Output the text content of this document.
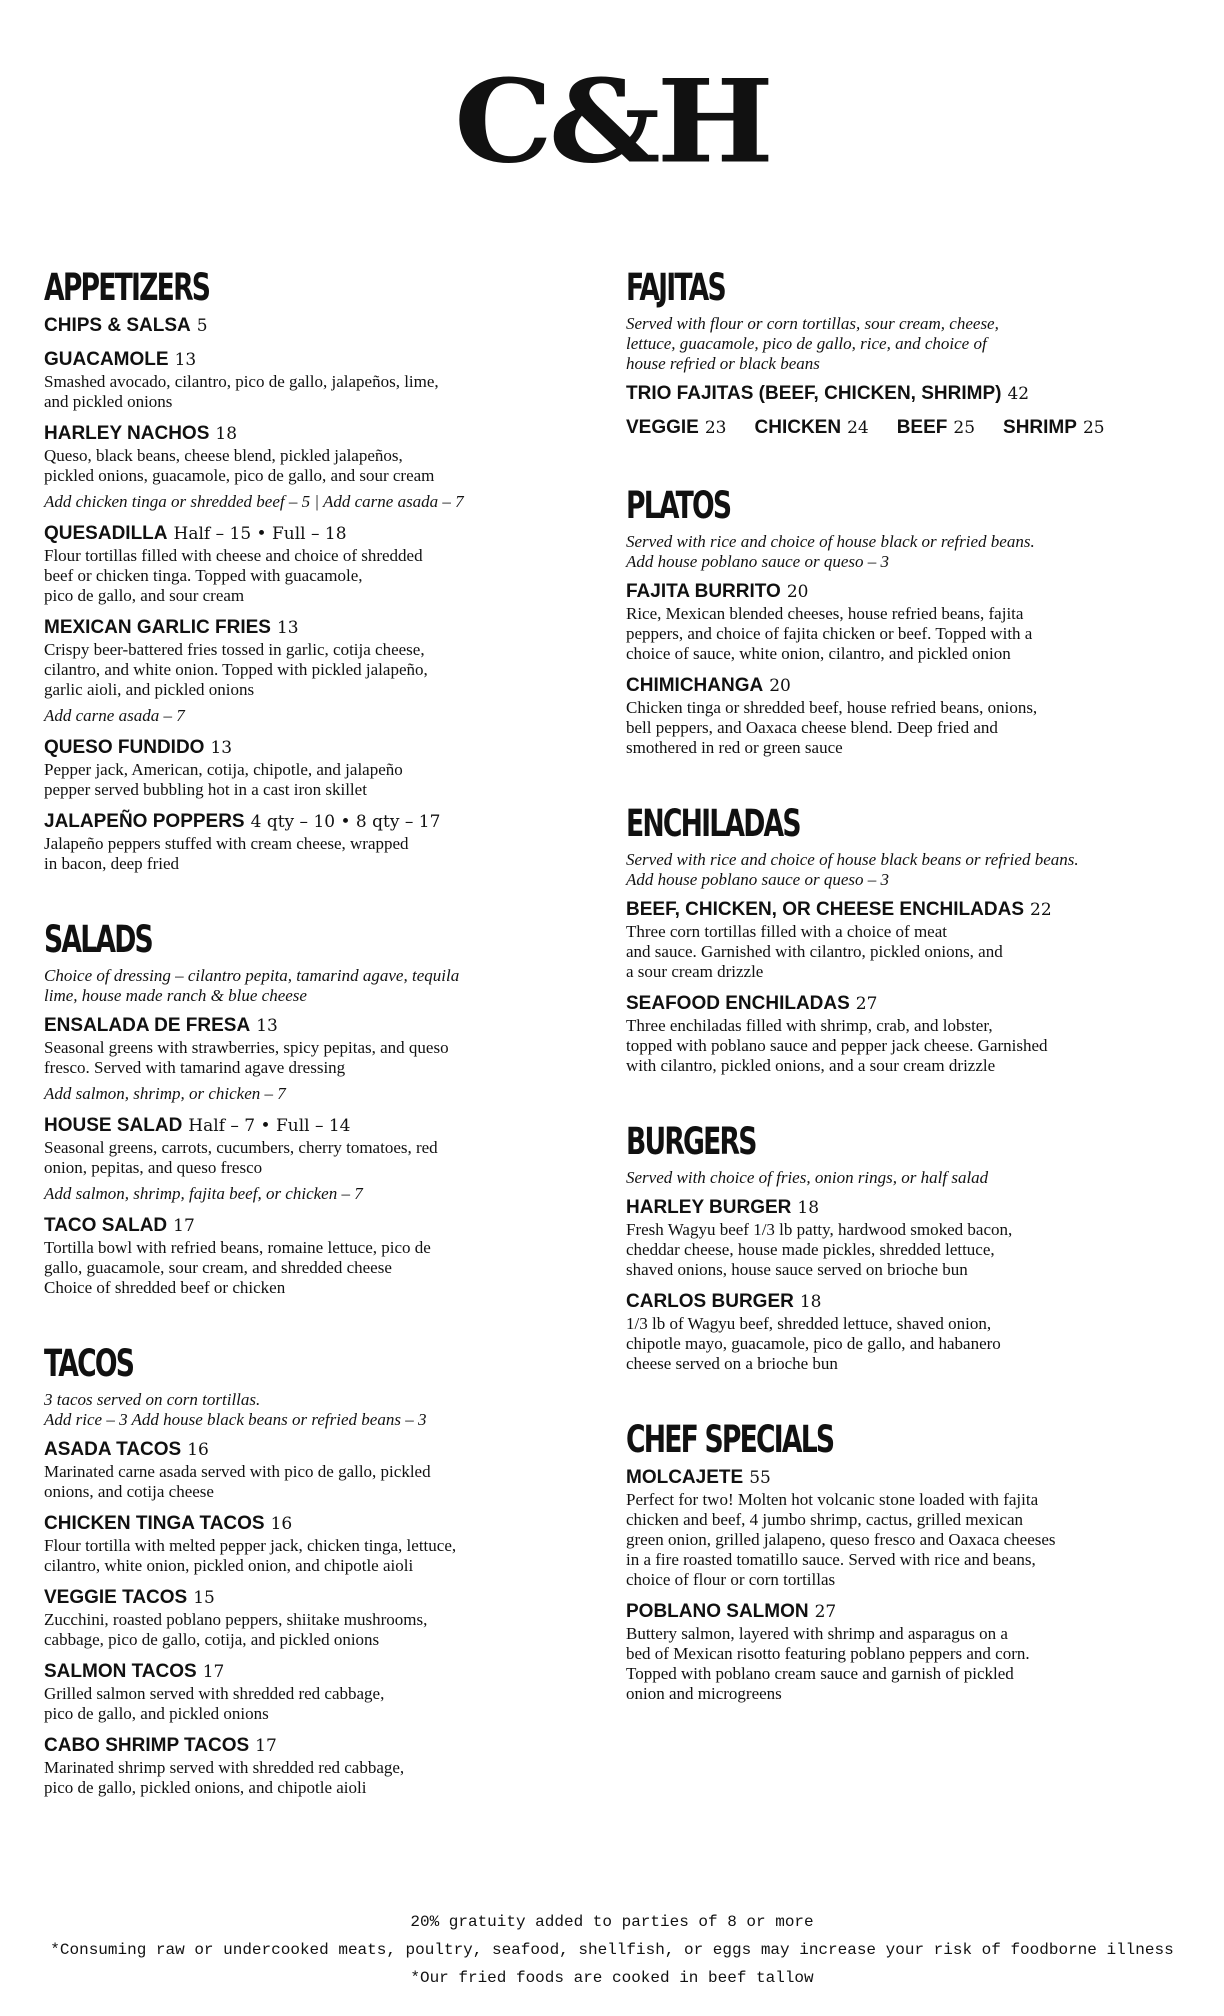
C&H
APPETIZERS
CHIPS & SALSA 5
GUACAMOLE 13
Smashed avocado, cilantro, pico de gallo, jalapeños, lime,
and pickled onions
HARLEY NACHOS 18
Queso, black beans, cheese blend, pickled jalapeños,
pickled onions, guacamole, pico de gallo, and sour cream
Add chicken tinga or shredded beef – 5 | Add carne asada – 7
QUESADILLA Half – 15 • Full – 18
Flour tortillas filled with cheese and choice of shredded
beef or chicken tinga. Topped with guacamole,
pico de gallo, and sour cream
MEXICAN GARLIC FRIES 13
Crispy beer-battered fries tossed in garlic, cotija cheese,
cilantro, and white onion. Topped with pickled jalapeño,
garlic aioli, and pickled onions
Add carne asada – 7
QUESO FUNDIDO 13
Pepper jack, American, cotija, chipotle, and jalapeño
pepper served bubbling hot in a cast iron skillet
JALAPEÑO POPPERS 4 qty – 10 • 8 qty – 17
Jalapeño peppers stuffed with cream cheese, wrapped
in bacon, deep fried
SALADS
Choice of dressing – cilantro pepita, tamarind agave, tequila
lime, house made ranch & blue cheese
ENSALADA DE FRESA 13
Seasonal greens with strawberries, spicy pepitas, and queso
fresco. Served with tamarind agave dressing
Add salmon, shrimp, or chicken – 7
HOUSE SALAD Half – 7 • Full – 14
Seasonal greens, carrots, cucumbers, cherry tomatoes, red
onion, pepitas, and queso fresco
Add salmon, shrimp, fajita beef, or chicken – 7
TACO SALAD 17
Tortilla bowl with refried beans, romaine lettuce, pico de
gallo, guacamole, sour cream, and shredded cheese
Choice of shredded beef or chicken
TACOS
3 tacos served on corn tortillas.
Add rice – 3 Add house black beans or refried beans – 3
ASADA TACOS 16
Marinated carne asada served with pico de gallo, pickled
onions, and cotija cheese
CHICKEN TINGA TACOS 16
Flour tortilla with melted pepper jack, chicken tinga, lettuce,
cilantro, white onion, pickled onion, and chipotle aioli
VEGGIE TACOS 15
Zucchini, roasted poblano peppers, shiitake mushrooms,
cabbage, pico de gallo, cotija, and pickled onions
SALMON TACOS 17
Grilled salmon served with shredded red cabbage,
pico de gallo, and pickled onions
CABO SHRIMP TACOS 17
Marinated shrimp served with shredded red cabbage,
pico de gallo, pickled onions, and chipotle aioli
FAJITAS
Served with flour or corn tortillas, sour cream, cheese,
lettuce, guacamole, pico de gallo, rice, and choice of
house refried or black beans
TRIO FAJITAS (BEEF, CHICKEN, SHRIMP) 42
VEGGIE 23 CHICKEN 24 BEEF 25 SHRIMP 25
PLATOS
Served with rice and choice of house black or refried beans.
Add house poblano sauce or queso – 3
FAJITA BURRITO 20
Rice, Mexican blended cheeses, house refried beans, fajita
peppers, and choice of fajita chicken or beef. Topped with a
choice of sauce, white onion, cilantro, and pickled onion
CHIMICHANGA 20
Chicken tinga or shredded beef, house refried beans, onions,
bell peppers, and Oaxaca cheese blend. Deep fried and
smothered in red or green sauce
ENCHILADAS
Served with rice and choice of house black beans or refried beans.
Add house poblano sauce or queso – 3
BEEF, CHICKEN, OR CHEESE ENCHILADAS 22
Three corn tortillas filled with a choice of meat
and sauce. Garnished with cilantro, pickled onions, and
a sour cream drizzle
SEAFOOD ENCHILADAS 27
Three enchiladas filled with shrimp, crab, and lobster,
topped with poblano sauce and pepper jack cheese. Garnished
with cilantro, pickled onions, and a sour cream drizzle
BURGERS
Served with choice of fries, onion rings, or half salad
HARLEY BURGER 18
Fresh Wagyu beef 1/3 lb patty, hardwood smoked bacon,
cheddar cheese, house made pickles, shredded lettuce,
shaved onions, house sauce served on brioche bun
CARLOS BURGER 18
1/3 lb of Wagyu beef, shredded lettuce, shaved onion,
chipotle mayo, guacamole, pico de gallo, and habanero
cheese served on a brioche bun
CHEF SPECIALS
MOLCAJETE 55
Perfect for two! Molten hot volcanic stone loaded with fajita
chicken and beef, 4 jumbo shrimp, cactus, grilled mexican
green onion, grilled jalapeno, queso fresco and Oaxaca cheeses
in a fire roasted tomatillo sauce. Served with rice and beans,
choice of flour or corn tortillas
POBLANO SALMON 27
Buttery salmon, layered with shrimp and asparagus on a
bed of Mexican risotto featuring poblano peppers and corn.
Topped with poblano cream sauce and garnish of pickled
onion and microgreens
20% gratuity added to parties of 8 or more
*Consuming raw or undercooked meats, poultry, seafood, shellfish, or eggs may increase your risk of foodborne illness
*Our fried foods are cooked in beef tallow
